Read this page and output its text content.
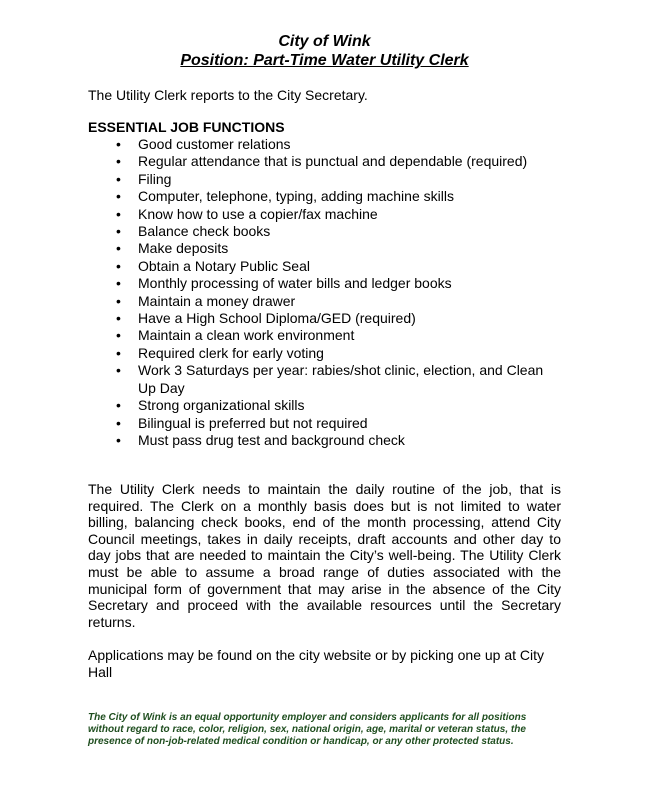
City of Wink
Position: Part-Time Water Utility Clerk

The Utility Clerk reports to the City Secretary.

ESSENTIAL JOB FUNCTIONS

• Good customer relations
• Regular attendance that is punctual and dependable (required)
• Filing
• Computer, telephone, typing, adding machine skills
• Know how to use a copier/fax machine
• Balance check books
• Make deposits
• Obtain a Notary Public Seal
• Monthly processing of water bills and ledger books
• Maintain a money drawer
• Have a High School Diploma/GED (required)
• Maintain a clean work environment
• Required clerk for early voting
• Work 3 Saturdays per year: rabies/shot clinic, election, and Clean Up Day
• Strong organizational skills
• Bilingual is preferred but not required
• Must pass drug test and background check

The Utility Clerk needs to maintain the daily routine of the job, that is required. The Clerk on a monthly basis does but is not limited to water billing, balancing check books, end of the month processing, attend City Council meetings, takes in daily receipts, draft accounts and other day to day jobs that are needed to maintain the City’s well-being. The Utility Clerk must be able to assume a broad range of duties associated with the municipal form of government that may arise in the absence of the City Secretary and proceed with the available resources until the Secretary returns.

Applications may be found on the city website or by picking one up at City Hall

The City of Wink is an equal opportunity employer and considers applicants for all positions without regard to race, color, religion, sex, national origin, age, marital or veteran status, the presence of non-job-related medical condition or handicap, or any other protected status.
